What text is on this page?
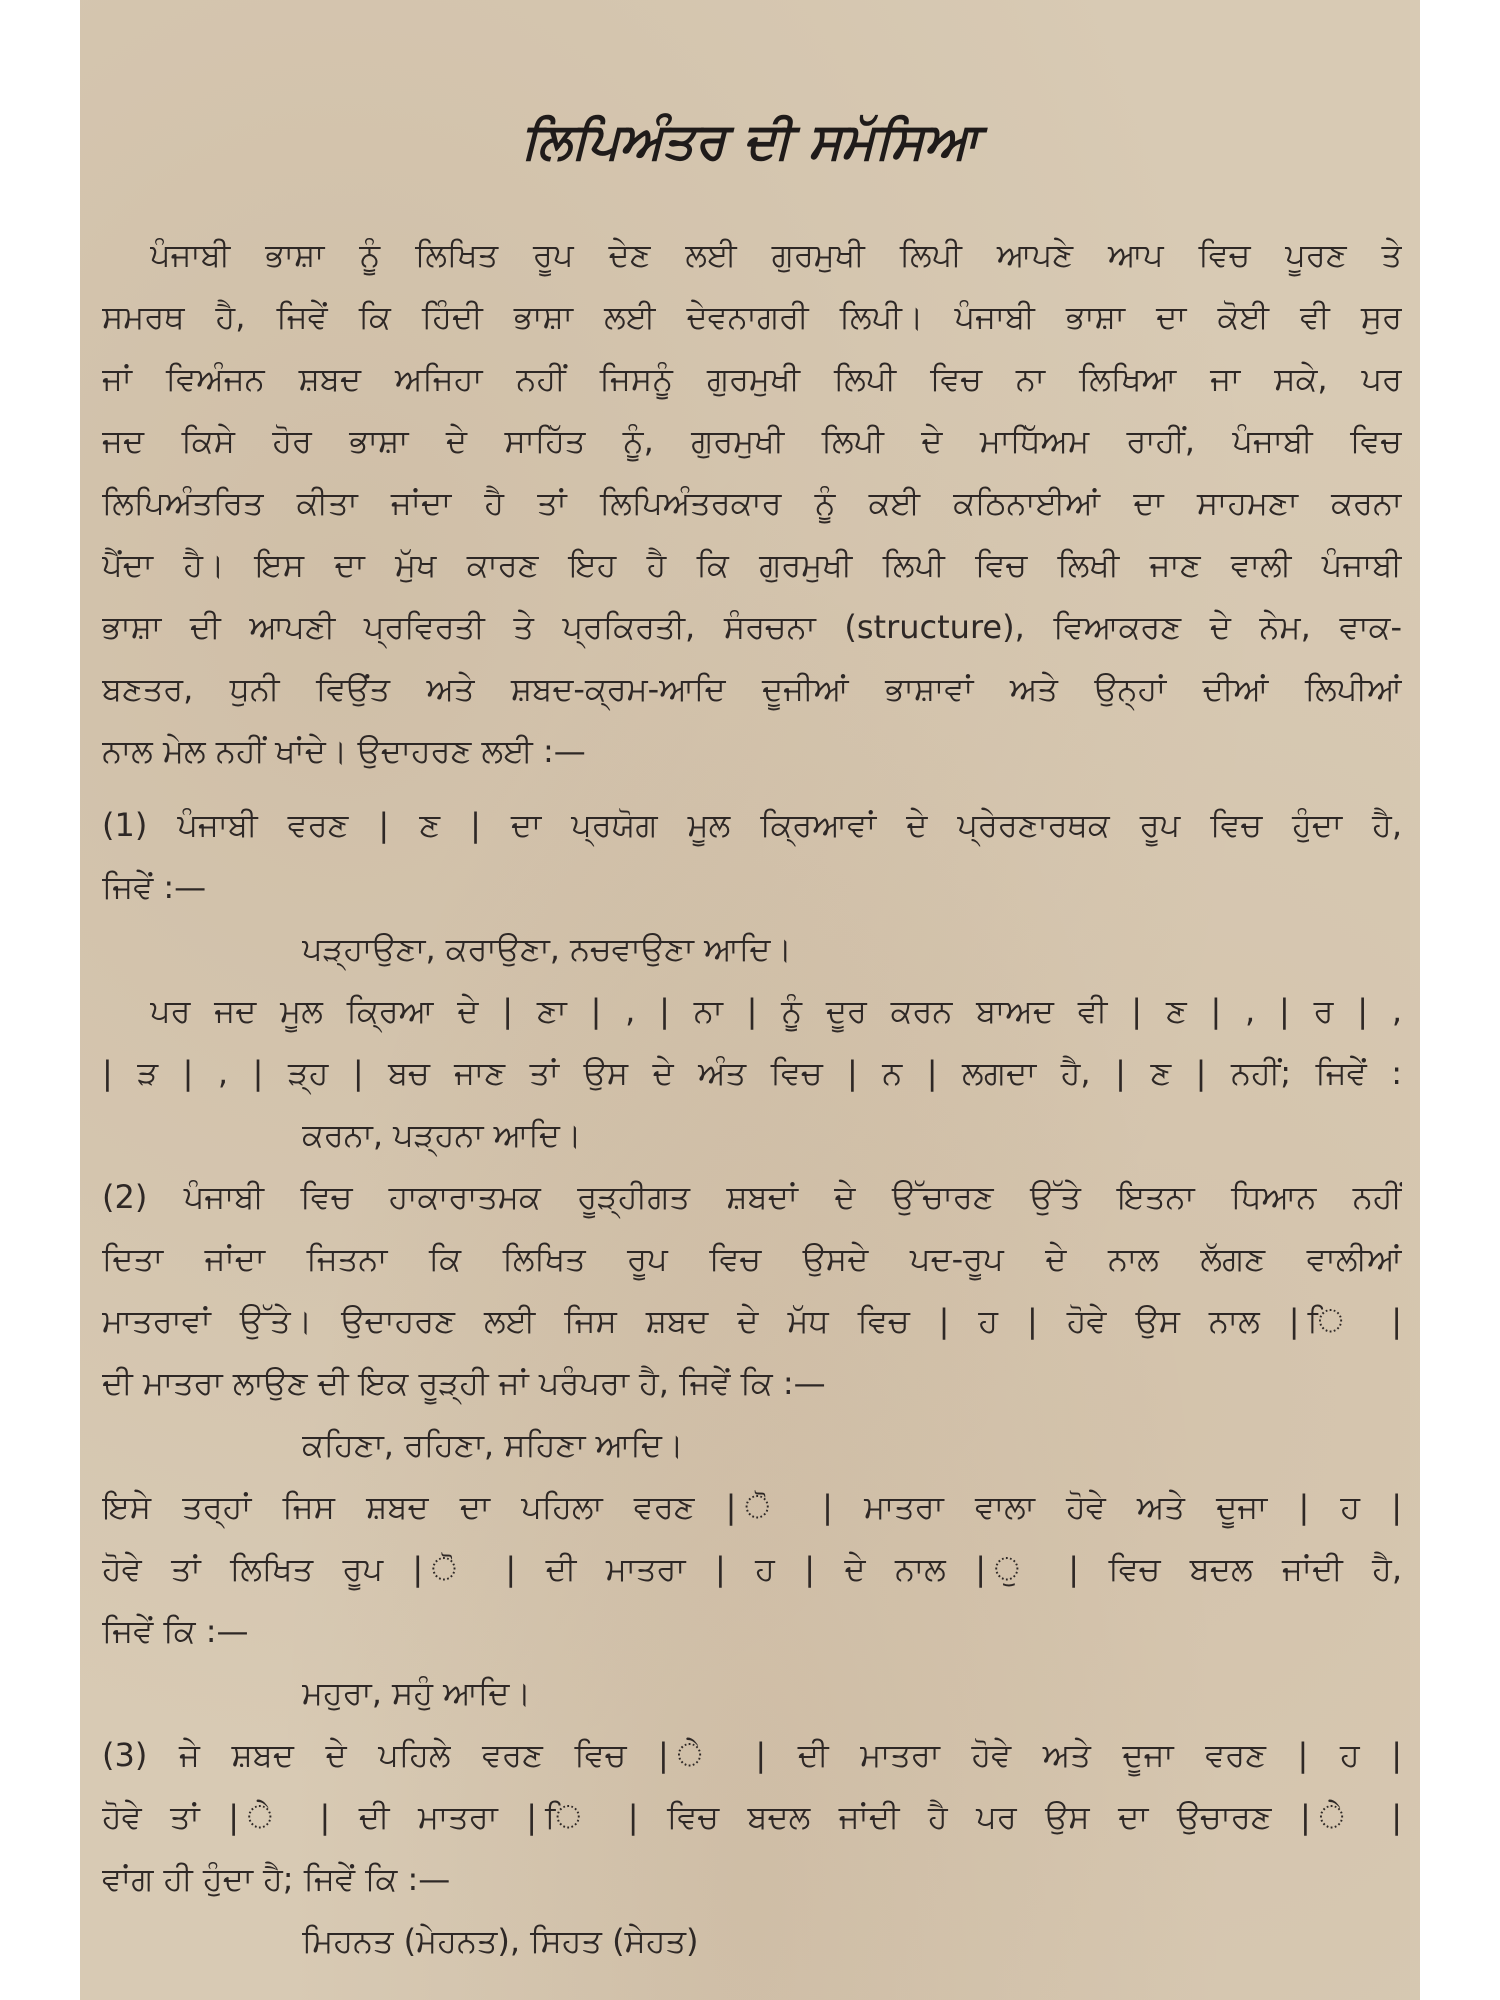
ਲਿਪਿਅੰਤਰ ਦੀ ਸਮੱਸਿਆ
ਪੰਜਾਬੀ ਭਾਸ਼ਾ ਨੂੰ ਲਿਖਿਤ ਰੂਪ ਦੇਣ ਲਈ ਗੁਰਮੁਖੀ ਲਿਪੀ ਆਪਣੇ ਆਪ ਵਿਚ ਪੂਰਣ ਤੇ
ਸਮਰਥ ਹੈ, ਜਿਵੇਂ ਕਿ ਹਿੰਦੀ ਭਾਸ਼ਾ ਲਈ ਦੇਵਨਾਗਰੀ ਲਿਪੀ। ਪੰਜਾਬੀ ਭਾਸ਼ਾ ਦਾ ਕੋਈ ਵੀ ਸੁਰ
ਜਾਂ ਵਿਅੰਜਨ ਸ਼ਬਦ ਅਜਿਹਾ ਨਹੀਂ ਜਿਸਨੂੰ ਗੁਰਮੁਖੀ ਲਿਪੀ ਵਿਚ ਨਾ ਲਿਖਿਆ ਜਾ ਸਕੇ, ਪਰ
ਜਦ ਕਿਸੇ ਹੋਰ ਭਾਸ਼ਾ ਦੇ ਸਾਹਿੱਤ ਨੂੰ, ਗੁਰਮੁਖੀ ਲਿਪੀ ਦੇ ਮਾਧਿੱਅਮ ਰਾਹੀਂ, ਪੰਜਾਬੀ ਵਿਚ
ਲਿਪਿਅੰਤਰਿਤ ਕੀਤਾ ਜਾਂਦਾ ਹੈ ਤਾਂ ਲਿਪਿਅੰਤਰਕਾਰ ਨੂੰ ਕਈ ਕਠਿਨਾਈਆਂ ਦਾ ਸਾਹਮਣਾ ਕਰਨਾ
ਪੈਂਦਾ ਹੈ। ਇਸ ਦਾ ਮੁੱਖ ਕਾਰਣ ਇਹ ਹੈ ਕਿ ਗੁਰਮੁਖੀ ਲਿਪੀ ਵਿਚ ਲਿਖੀ ਜਾਣ ਵਾਲੀ ਪੰਜਾਬੀ
ਭਾਸ਼ਾ ਦੀ ਆਪਣੀ ਪ੍ਰਵਿਰਤੀ ਤੇ ਪ੍ਰਕਿਰਤੀ, ਸੰਰਚਨਾ (structure), ਵਿਆਕਰਣ ਦੇ ਨੇਮ, ਵਾਕ-
ਬਣਤਰ, ਧੁਨੀ ਵਿਉਂਤ ਅਤੇ ਸ਼ਬਦ-ਕ੍ਰਮ-ਆਦਿ ਦੂਜੀਆਂ ਭਾਸ਼ਾਵਾਂ ਅਤੇ ਉਨ੍ਹਾਂ ਦੀਆਂ ਲਿਪੀਆਂ
ਨਾਲ ਮੇਲ ਨਹੀਂ ਖਾਂਦੇ। ਉਦਾਹਰਣ ਲਈ :—
(1) ਪੰਜਾਬੀ ਵਰਣ | ਣ | ਦਾ ਪ੍ਰਯੋਗ ਮੂਲ ਕ੍ਰਿਆਵਾਂ ਦੇ ਪ੍ਰੇਰਣਾਰਥਕ ਰੂਪ ਵਿਚ ਹੁੰਦਾ ਹੈ,
ਜਿਵੇਂ :—
ਪੜ੍ਹਾਉਣਾ, ਕਰਾਉਣਾ, ਨਚਵਾਉਣਾ ਆਦਿ।
ਪਰ ਜਦ ਮੂਲ ਕ੍ਰਿਆ ਦੇ | ਣਾ | , | ਨਾ | ਨੂੰ ਦੂਰ ਕਰਨ ਬਾਅਦ ਵੀ | ਣ | , | ਰ | ,
| ੜ | , | ੜ੍ਹ | ਬਚ ਜਾਣ ਤਾਂ ਉਸ ਦੇ ਅੰਤ ਵਿਚ | ਨ | ਲਗਦਾ ਹੈ, | ਣ | ਨਹੀਂ; ਜਿਵੇਂ :
ਕਰਨਾ, ਪੜ੍ਹਨਾ ਆਦਿ।
(2) ਪੰਜਾਬੀ ਵਿਚ ਹਾਕਾਰਾਤਮਕ ਰੂੜ੍ਹੀਗਤ ਸ਼ਬਦਾਂ ਦੇ ਉੱਚਾਰਣ ਉੱਤੇ ਇਤਨਾ ਧਿਆਨ ਨਹੀਂ
ਦਿਤਾ ਜਾਂਦਾ ਜਿਤਨਾ ਕਿ ਲਿਖਿਤ ਰੂਪ ਵਿਚ ਉਸਦੇ ਪਦ-ਰੂਪ ਦੇ ਨਾਲ ਲੱਗਣ ਵਾਲੀਆਂ
ਮਾਤਰਾਵਾਂ ਉੱਤੇ। ਉਦਾਹਰਣ ਲਈ ਜਿਸ ਸ਼ਬਦ ਦੇ ਮੱਧ ਵਿਚ | ਹ | ਹੋਵੇ ਉਸ ਨਾਲ | ਿ |
ਦੀ ਮਾਤਰਾ ਲਾਉਣ ਦੀ ਇਕ ਰੂੜ੍ਹੀ ਜਾਂ ਪਰੰਪਰਾ ਹੈ, ਜਿਵੇਂ ਕਿ :—
ਕਹਿਣਾ, ਰਹਿਣਾ, ਸਹਿਣਾ ਆਦਿ।
ਇਸੇ ਤਰ੍ਹਾਂ ਜਿਸ ਸ਼ਬਦ ਦਾ ਪਹਿਲਾ ਵਰਣ | ੋ | ਮਾਤਰਾ ਵਾਲਾ ਹੋਵੇ ਅਤੇ ਦੂਜਾ | ਹ |
ਹੋਵੇ ਤਾਂ ਲਿਖਿਤ ਰੂਪ | ੋ | ਦੀ ਮਾਤਰਾ | ਹ | ਦੇ ਨਾਲ | ੁ | ਵਿਚ ਬਦਲ ਜਾਂਦੀ ਹੈ,
ਜਿਵੇਂ ਕਿ :—
ਮਹੁਰਾ, ਸਹੁੰ ਆਦਿ।
(3) ਜੇ ਸ਼ਬਦ ਦੇ ਪਹਿਲੇ ਵਰਣ ਵਿਚ | ੇ | ਦੀ ਮਾਤਰਾ ਹੋਵੇ ਅਤੇ ਦੂਜਾ ਵਰਣ | ਹ |
ਹੋਵੇ ਤਾਂ | ੇ | ਦੀ ਮਾਤਰਾ | ਿ | ਵਿਚ ਬਦਲ ਜਾਂਦੀ ਹੈ ਪਰ ਉਸ ਦਾ ਉਚਾਰਣ | ੇ |
ਵਾਂਗ ਹੀ ਹੁੰਦਾ ਹੈ; ਜਿਵੇਂ ਕਿ :—
ਮਿਹਨਤ (ਮੇਹਨਤ), ਸਿਹਤ (ਸੇਹਤ)
